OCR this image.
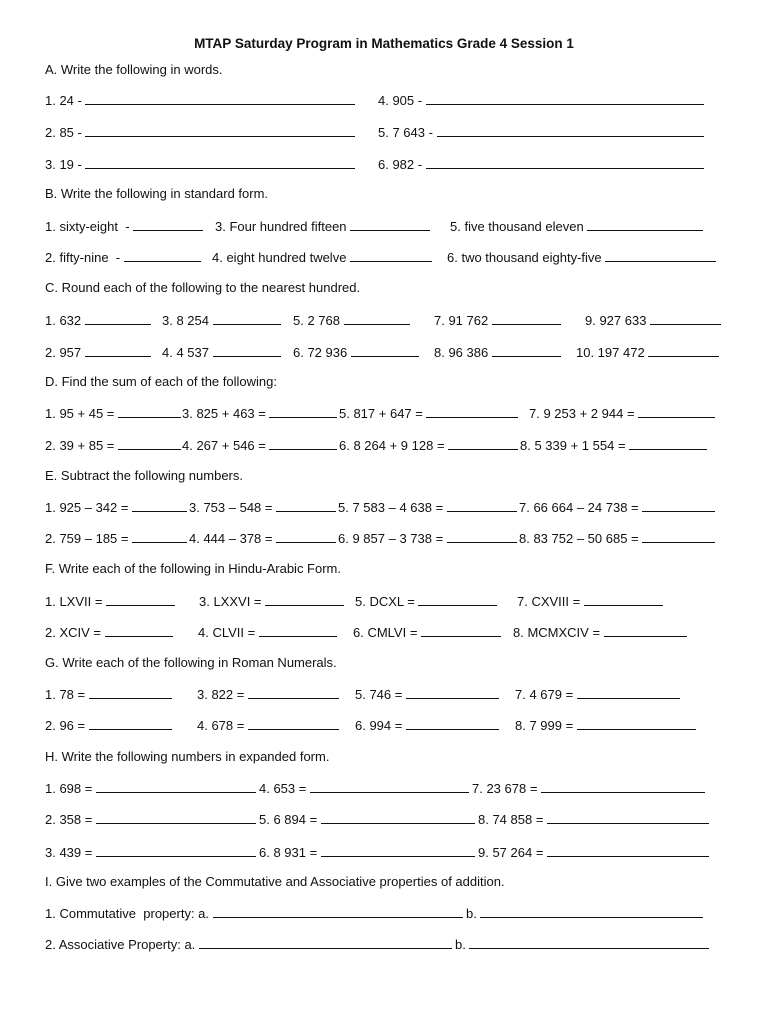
MTAP Saturday Program in Mathematics Grade 4 Session 1
A. Write the following in words.
1. 24 -	4. 905 -
2. 85 -	5. 7 643 -
3. 19 -	6. 982 -
B. Write the following in standard form.
1. sixty-eight  -	3. Four hundred fifteen	5. five thousand eleven
2. fifty-nine  -	4. eight hundred twelve	6. two thousand eighty-five
C. Round each of the following to the nearest hundred.
1. 632	3. 8 254	5. 2 768	7. 91 762	9. 927 633
2. 957	4. 4 537	6. 72 936	8. 96 386	10. 197 472
D. Find the sum of each of the following:
1. 95 + 45 =	3. 825 + 463 =	5. 817 + 647 =	7. 9 253 + 2 944 =
2. 39 + 85 =	4. 267 + 546 =	6. 8 264 + 9 128 =	8. 5 339 + 1 554 =
E. Subtract the following numbers.
1. 925 – 342 =	3. 753 – 548 =	5. 7 583 – 4 638 =	7. 66 664 – 24 738 =
2. 759 – 185 =	4. 444 – 378 =	6. 9 857 – 3 738 =	8. 83 752 – 50 685 =
F. Write each of the following in Hindu-Arabic Form.
1. LXVII =	3. LXXVI =	5. DCXL =	7. CXVIII =
2. XCIV =	4. CLVII =	6. CMLVI =	8. MCMXCIV =
G. Write each of the following in Roman Numerals.
1. 78 =	3. 822 =	5. 746 =	7. 4 679 =
2. 96 =	4. 678 =	6. 994 =	8. 7 999 =
H. Write the following numbers in expanded form.
1. 698 =	4. 653 =	7. 23 678 =
2. 358 =	5. 6 894 =	8. 74 858 =
3. 439 =	6. 8 931 =	9. 57 264 =
I. Give two examples of the Commutative and Associative properties of addition.
1. Commutative  property: a.	b.
2. Associative Property: a.	b.
